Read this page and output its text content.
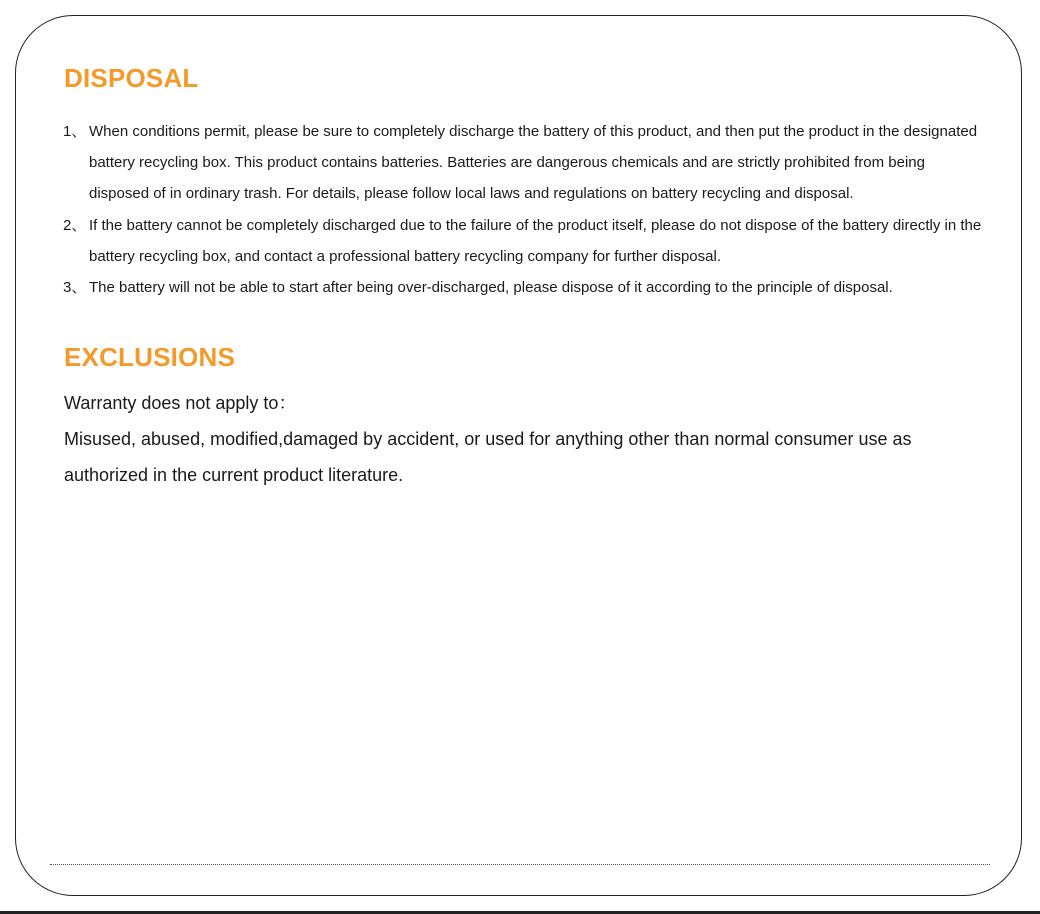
DISPOSAL
1、 When conditions permit, please be sure to completely discharge the battery of this product, and then put the product in the designated battery recycling box. This product contains batteries. Batteries are dangerous chemicals and are strictly prohibited from being disposed of in ordinary trash. For details, please follow local laws and regulations on battery recycling and disposal.
2、 If the battery cannot be completely discharged due to the failure of the product itself, please do not dispose of the battery directly in the battery recycling box, and contact a professional battery recycling company for further disposal.
3、 The battery will not be able to start after being over-discharged, please dispose of it according to the principle of disposal.
EXCLUSIONS

Warranty does not apply to：

Misused, abused, modified,damaged by accident, or used for anything other than normal consumer use as authorized in the current product literature.
